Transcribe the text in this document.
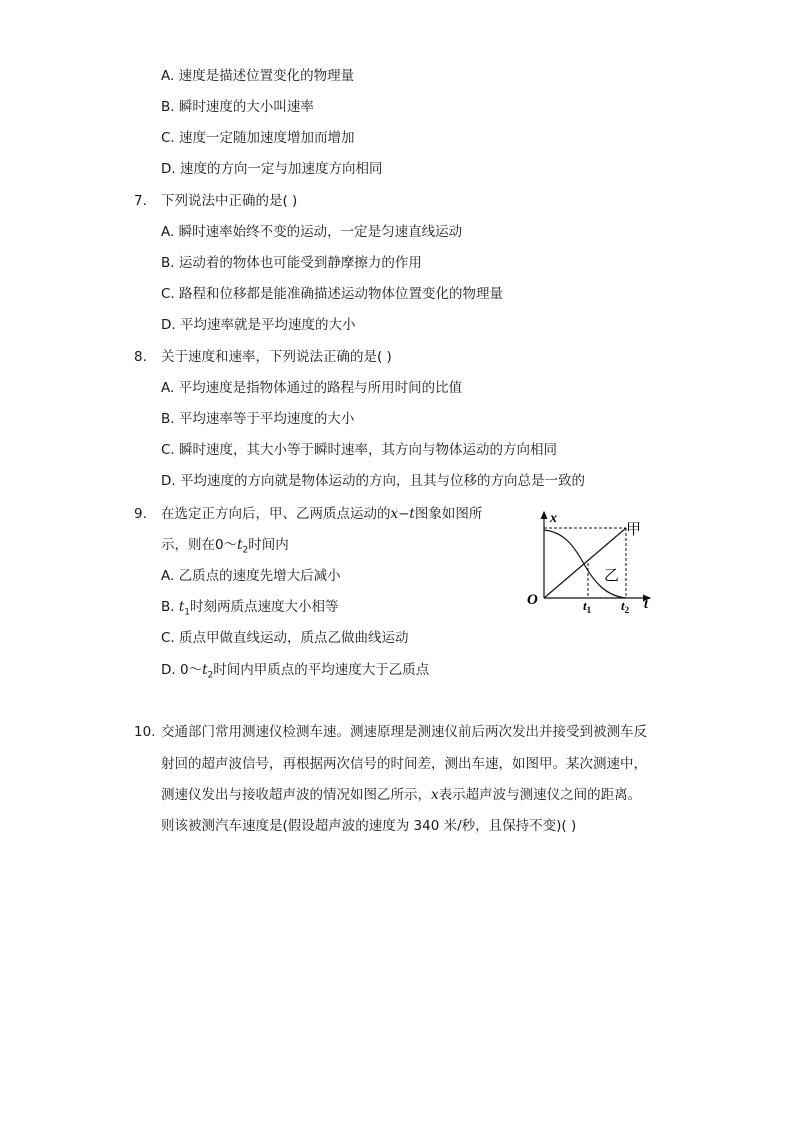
A. 速度是描述位置变化的物理量
B. 瞬时速度的大小叫速率
C. 速度一定随加速度增加而增加
D. 速度的方向一定与加速度方向相同
7. 下列说法中正确的是( )
A. 瞬时速率始终不变的运动，一定是匀速直线运动
B. 运动着的物体也可能受到静摩擦力的作用
C. 路程和位移都是能准确描述运动物体位置变化的物理量
D. 平均速率就是平均速度的大小
8. 关于速度和速率，下列说法正确的是( )
A. 平均速度是指物体通过的路程与所用时间的比值
B. 平均速率等于平均速度的大小
C. 瞬时速度，其大小等于瞬时速率，其方向与物体运动的方向相同
D. 平均速度的方向就是物体运动的方向，且其与位移的方向总是一致的
9. 在选定正方向后，甲、乙两质点运动的x−t图象如图所
示，则在$0\sim t_2$时间内
A. 乙质点的速度先增大后减小
B. $t_1$时刻两质点速度大小相等
C. 质点甲做直线运动，质点乙做曲线运动
D. $0\sim t_2$时间内甲质点的平均速度大于乙质点
x
t
O
甲
乙
$t_1$ $t_2$
10. 交通部门常用测速仪检测车速。测速原理是测速仪前后两次发出并接受到被测车反
射回的超声波信号，再根据两次信号的时间差，测出车速，如图甲。某次测速中，
测速仪发出与接收超声波的情况如图乙所示，x表示超声波与测速仪之间的距离。
则该被测汽车速度是(假设超声波的速度为 340 米/秒，且保持不变)( )
